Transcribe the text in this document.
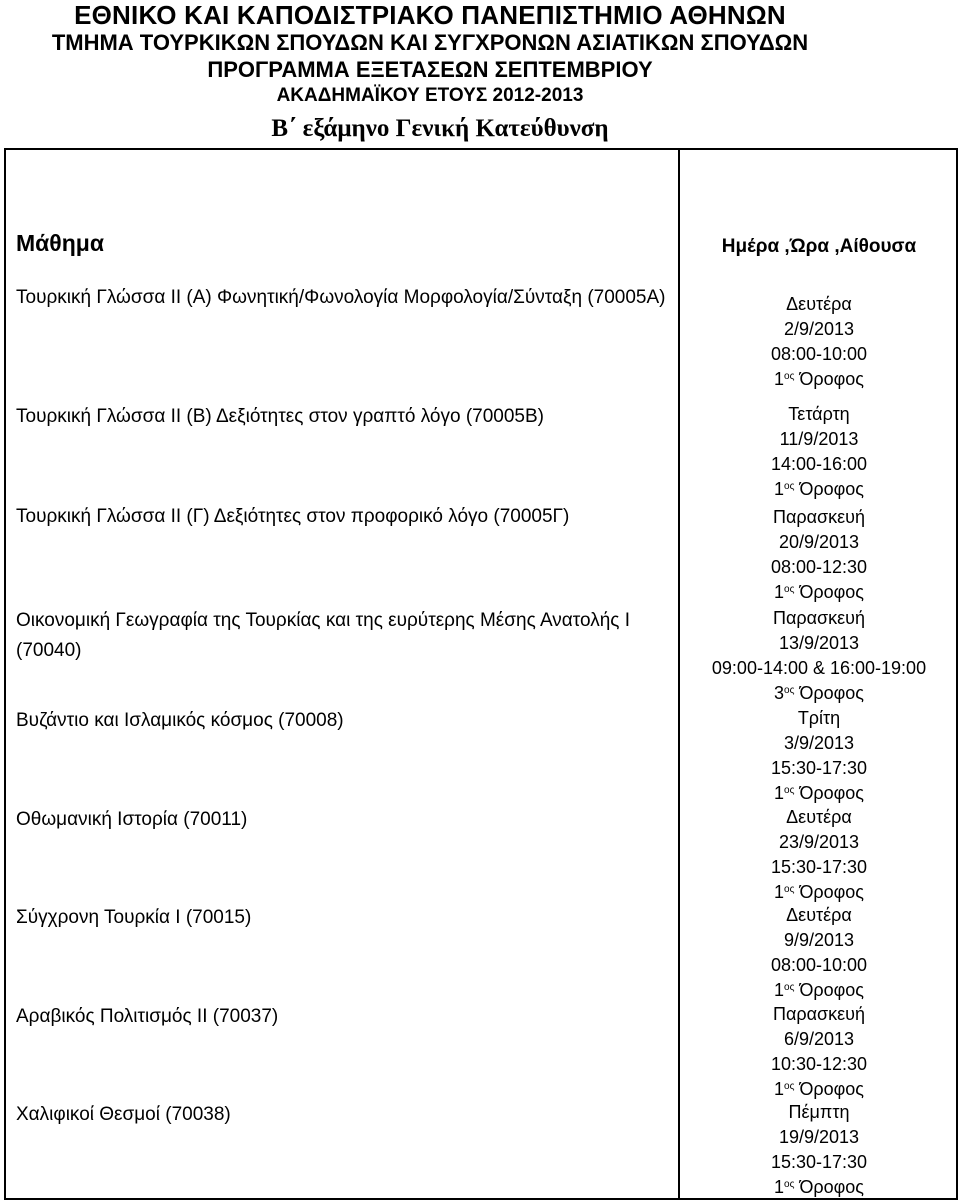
ΕΘΝΙΚΟ ΚΑΙ ΚΑΠΟΔΙΣΤΡΙΑΚΟ ΠΑΝΕΠΙΣΤΗΜΙΟ ΑΘΗΝΩΝ
ΤΜΗΜΑ ΤΟΥΡΚΙΚΩΝ ΣΠΟΥΔΩΝ ΚΑΙ ΣΥΓΧΡΟΝΩΝ ΑΣΙΑΤΙΚΩΝ ΣΠΟΥΔΩΝ
ΠΡΟΓΡΑΜΜΑ ΕΞΕΤΑΣΕΩΝ ΣΕΠΤΕΜΒΡΙΟΥ
ΑΚΑΔΗΜΑΪΚΟΥ ΕΤΟΥΣ 2012-2013
Β΄ εξάμηνο Γενική Κατεύθυνση
Μάθημα	Ημέρα ,Ώρα ,Αίθουσα
Τουρκική Γλώσσα ΙΙ (Α) Φωνητική/Φωνολογία Μορφολογία/Σύνταξη (70005Α)	Δευτέρα
2/9/2013
08:00-10:00
$1^{o\varsigma}$ Όροφος
Τουρκική Γλώσσα ΙΙ (Β) Δεξιότητες στον γραπτό λόγο (70005Β)	Τετάρτη
11/9/2013
14:00-16:00
$1^{o\varsigma}$ Όροφος
Τουρκική Γλώσσα ΙΙ (Γ) Δεξιότητες στον προφορικό λόγο (70005Γ)	Παρασκευή
20/9/2013
08:00-12:30
$1^{o\varsigma}$ Όροφος
Οικονομική Γεωγραφία της Τουρκίας και της ευρύτερης Μέσης Ανατολής Ι (70040)
Παρασκευή
13/9/2013
09:00-14:00 & 16:00-19:00
$3^{o\varsigma}$ Όροφος
Βυζάντιο και Ισλαμικός κόσμος (70008)	Τρίτη
3/9/2013
15:30-17:30
$1^{o\varsigma}$ Όροφος
Οθωμανική Ιστορία (70011)	Δευτέρα
23/9/2013
15:30-17:30
$1^{o\varsigma}$ Όροφος
Σύγχρονη Τουρκία Ι (70015)	Δευτέρα
9/9/2013
08:00-10:00
$1^{o\varsigma}$ Όροφος
Αραβικός Πολιτισμός ΙΙ (70037)	Παρασκευή
6/9/2013
10:30-12:30
$1^{o\varsigma}$ Όροφος
Χαλιφικοί Θεσμοί (70038)	Πέμπτη
19/9/2013
15:30-17:30
$1^{o\varsigma}$ Όροφος
